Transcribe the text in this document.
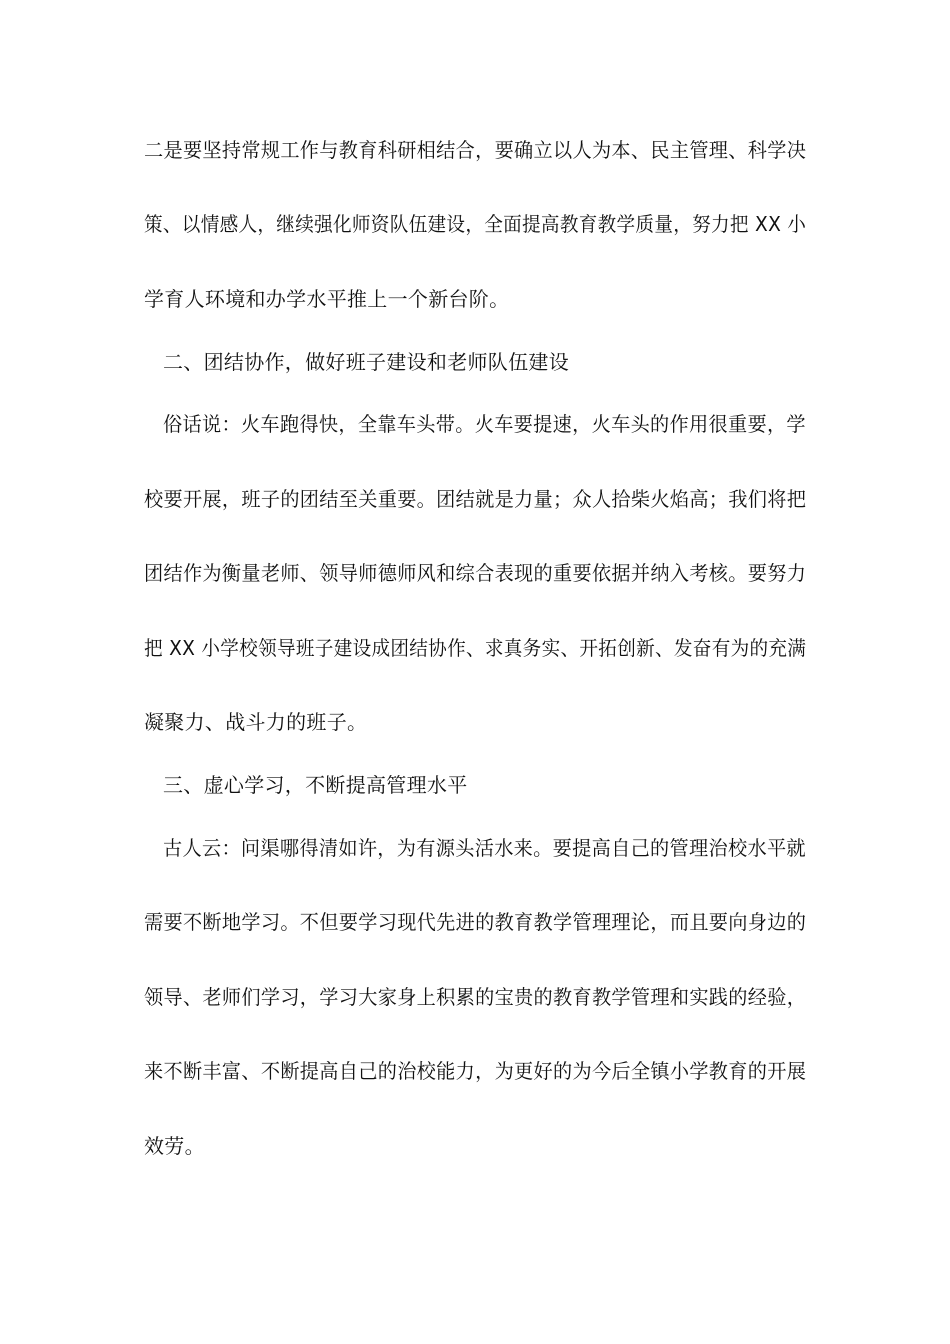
二是要坚持常规工作与教育科研相结合，要确立以人为本、民主管理、科学决
策、以情感人，继续强化师资队伍建设，全面提高教育教学质量，努力把 XX 小
学育人环境和办学水平推上一个新台阶。
二、团结协作，做好班子建设和老师队伍建设
俗话说：火车跑得快，全靠车头带。火车要提速，火车头的作用很重要，学
校要开展，班子的团结至关重要。团结就是力量；众人拾柴火焰高；我们将把
团结作为衡量老师、领导师德师风和综合表现的重要依据并纳入考核。要努力
把 XX 小学校领导班子建设成团结协作、求真务实、开拓创新、发奋有为的充满
凝聚力、战斗力的班子。
三、虚心学习，不断提高管理水平
古人云：问渠哪得清如许，为有源头活水来。要提高自己的管理治校水平就
需要不断地学习。不但要学习现代先进的教育教学管理理论，而且要向身边的
领导、老师们学习，学习大家身上积累的宝贵的教育教学管理和实践的经验，
来不断丰富、不断提高自己的治校能力，为更好的为今后全镇小学教育的开展
效劳。
